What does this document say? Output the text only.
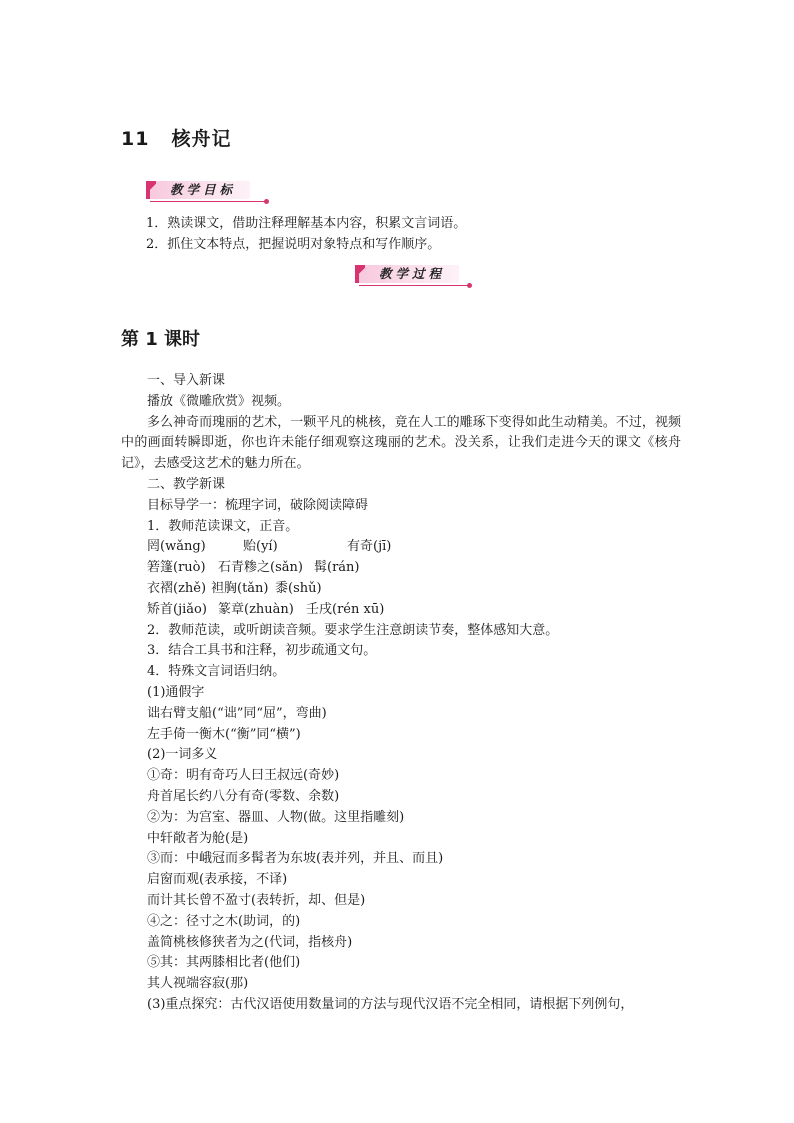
11 核舟记
教学目标
1．熟读课文，借助注释理解基本内容，积累文言词语。
2．抓住文本特点，把握说明对象特点和写作顺序。
教学过程
第 1 课时
一、导入新课
播放《微雕欣赏》视频。
多么神奇而瑰丽的艺术，一颗平凡的桃核，竟在人工的雕琢下变得如此生动精美。不过，视频中的画面转瞬即逝，你也许未能仔细观察这瑰丽的艺术。没关系，让我们走进今天的课文《核舟记》，去感受这艺术的魅力所在。
二、教学新课
目标导学一：梳理字词，破除阅读障碍
1．教师范读课文，正音。
罔(wǎng)	贻(yí)	有奇(jī)
箬篷(ruò) 石青糁之(sǎn) 髯(rán)
衣褶(zhě) 袒胸(tǎn) 黍(shǔ)
矫首(jiǎo) 篆章(zhuàn) 壬戌(rén xū)
2．教师范读，或听朗读音频。要求学生注意朗读节奏，整体感知大意。
3．结合工具书和注释，初步疏通文句。
4．特殊文言词语归纳。
(1)通假字
诎右臂支船(“诎”同“屈”，弯曲)
左手倚一衡木(“衡”同“横”)
(2)一词多义
①奇：明有奇巧人曰王叔远(奇妙)
舟首尾长约八分有奇(零数、余数)
②为：为宫室、器皿、人物(做。这里指雕刻)
中轩敞者为舱(是)
③而：中峨冠而多髯者为东坡(表并列，并且、而且)
启窗而观(表承接，不译)
而计其长曾不盈寸(表转折，却、但是)
④之：径寸之木(助词，的)
盖简桃核修狭者为之(代词，指核舟)
⑤其：其两膝相比者(他们)
其人视端容寂(那)
(3)重点探究：古代汉语使用数量词的方法与现代汉语不完全相同，请根据下列例句，
